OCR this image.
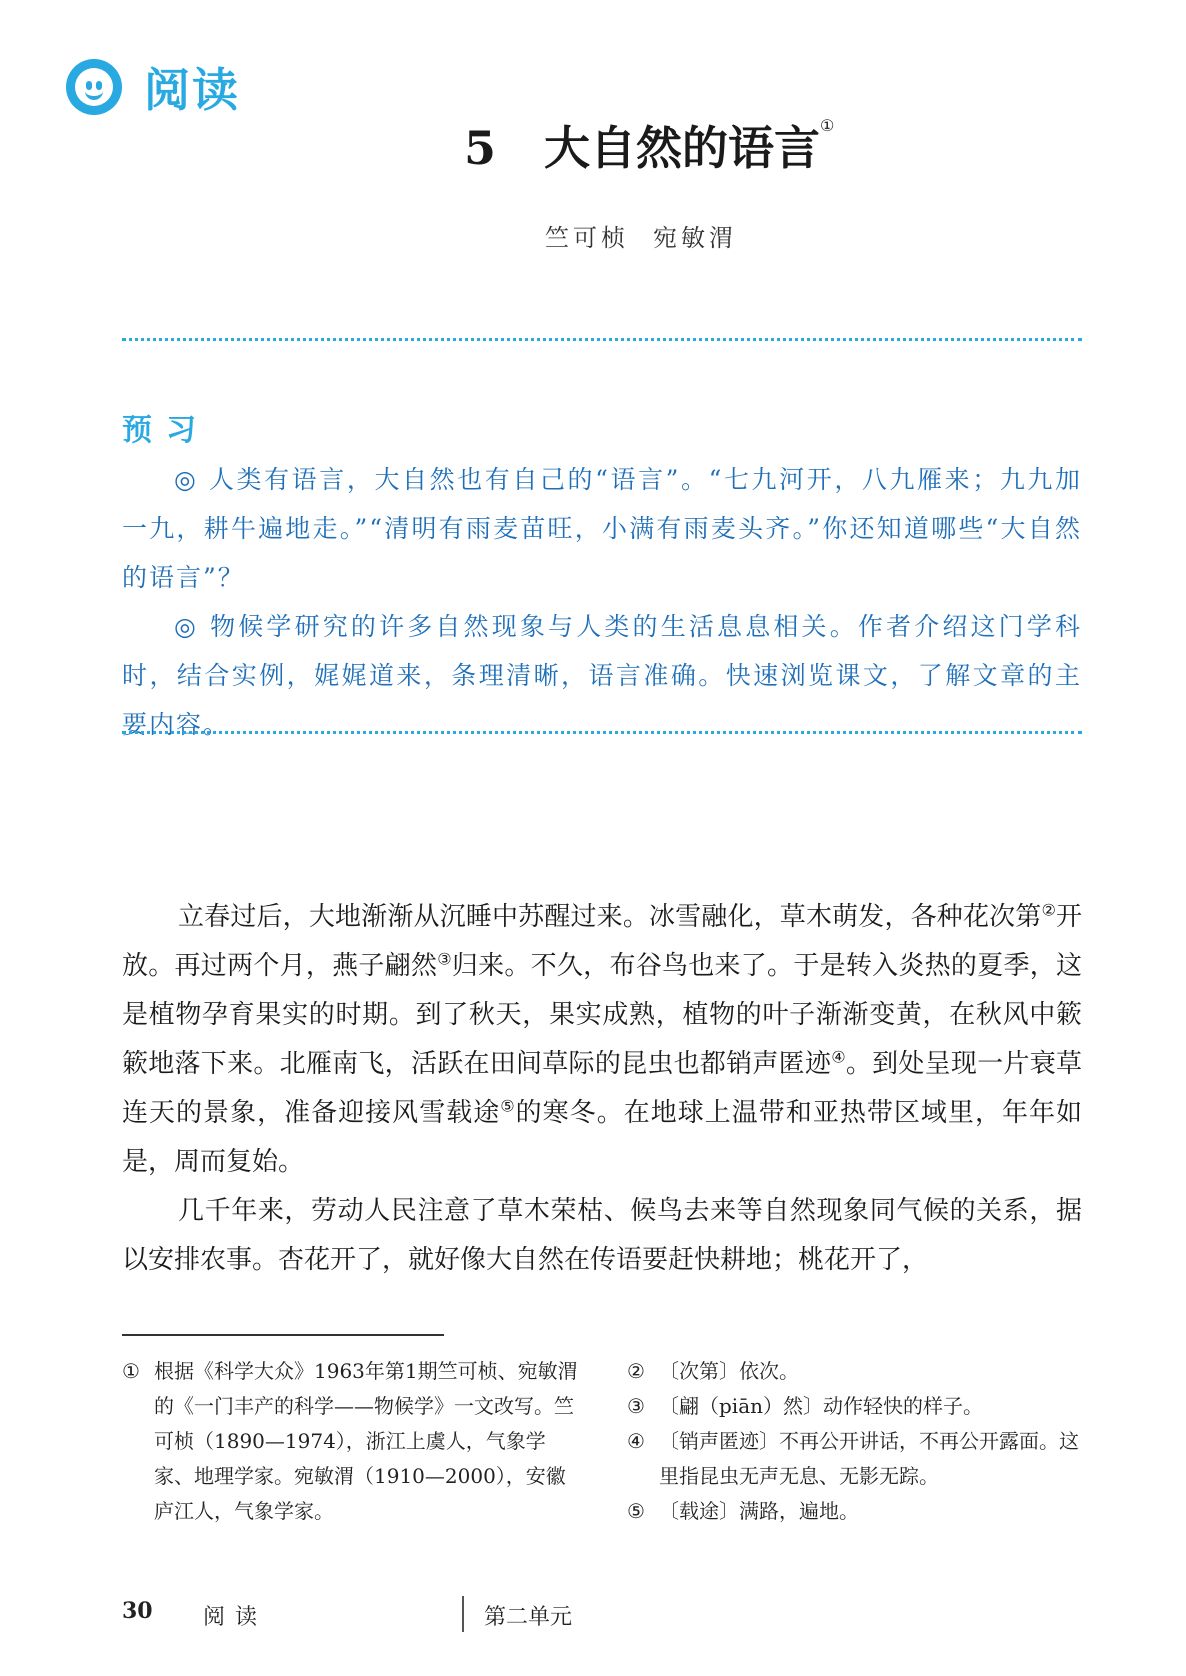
阅读
5 大自然的语言①
竺可桢 宛敏渭
预习

◎ 人类有语言，大自然也有自己的“语言”。“七九河开，八九雁来；九九加一九，耕牛遍地走。”“清明有雨麦苗旺，小满有雨麦头齐。”你还知道哪些“大自然的语言”？

◎ 物候学研究的许多自然现象与人类的生活息息相关。作者介绍这门学科时，结合实例，娓娓道来，条理清晰，语言准确。快速浏览课文，了解文章的主要内容。

立春过后，大地渐渐从沉睡中苏醒过来。冰雪融化，草木萌发，各种花次第②开放。再过两个月，燕子翩然③归来。不久，布谷鸟也来了。于是转入炎热的夏季，这是植物孕育果实的时期。到了秋天，果实成熟，植物的叶子渐渐变黄，在秋风中簌簌地落下来。北雁南飞，活跃在田间草际的昆虫也都销声匿迹④。到处呈现一片衰草连天的景象，准备迎接风雪载途⑤的寒冬。在地球上温带和亚热带区域里，年年如是，周而复始。

几千年来，劳动人民注意了草木荣枯、候鸟去来等自然现象同气候的关系，据以安排农事。杏花开了，就好像大自然在传语要赶快耕地；桃花开了，

① 根据《科学大众》1963年第1期竺可桢、宛敏渭的《一门丰产的科学——物候学》一文改写。竺可桢（1890—1974），浙江上虞人，气象学家、地理学家。宛敏渭（1910—2000），安徽庐江人，气象学家。
② 〔次第〕依次。
③ 〔翩（piān）然〕动作轻快的样子。
④ 〔销声匿迹〕不再公开讲话，不再公开露面。这里指昆虫无声无息、无影无踪。
⑤ 〔载途〕满路，遍地。
30 阅读	第二单元
